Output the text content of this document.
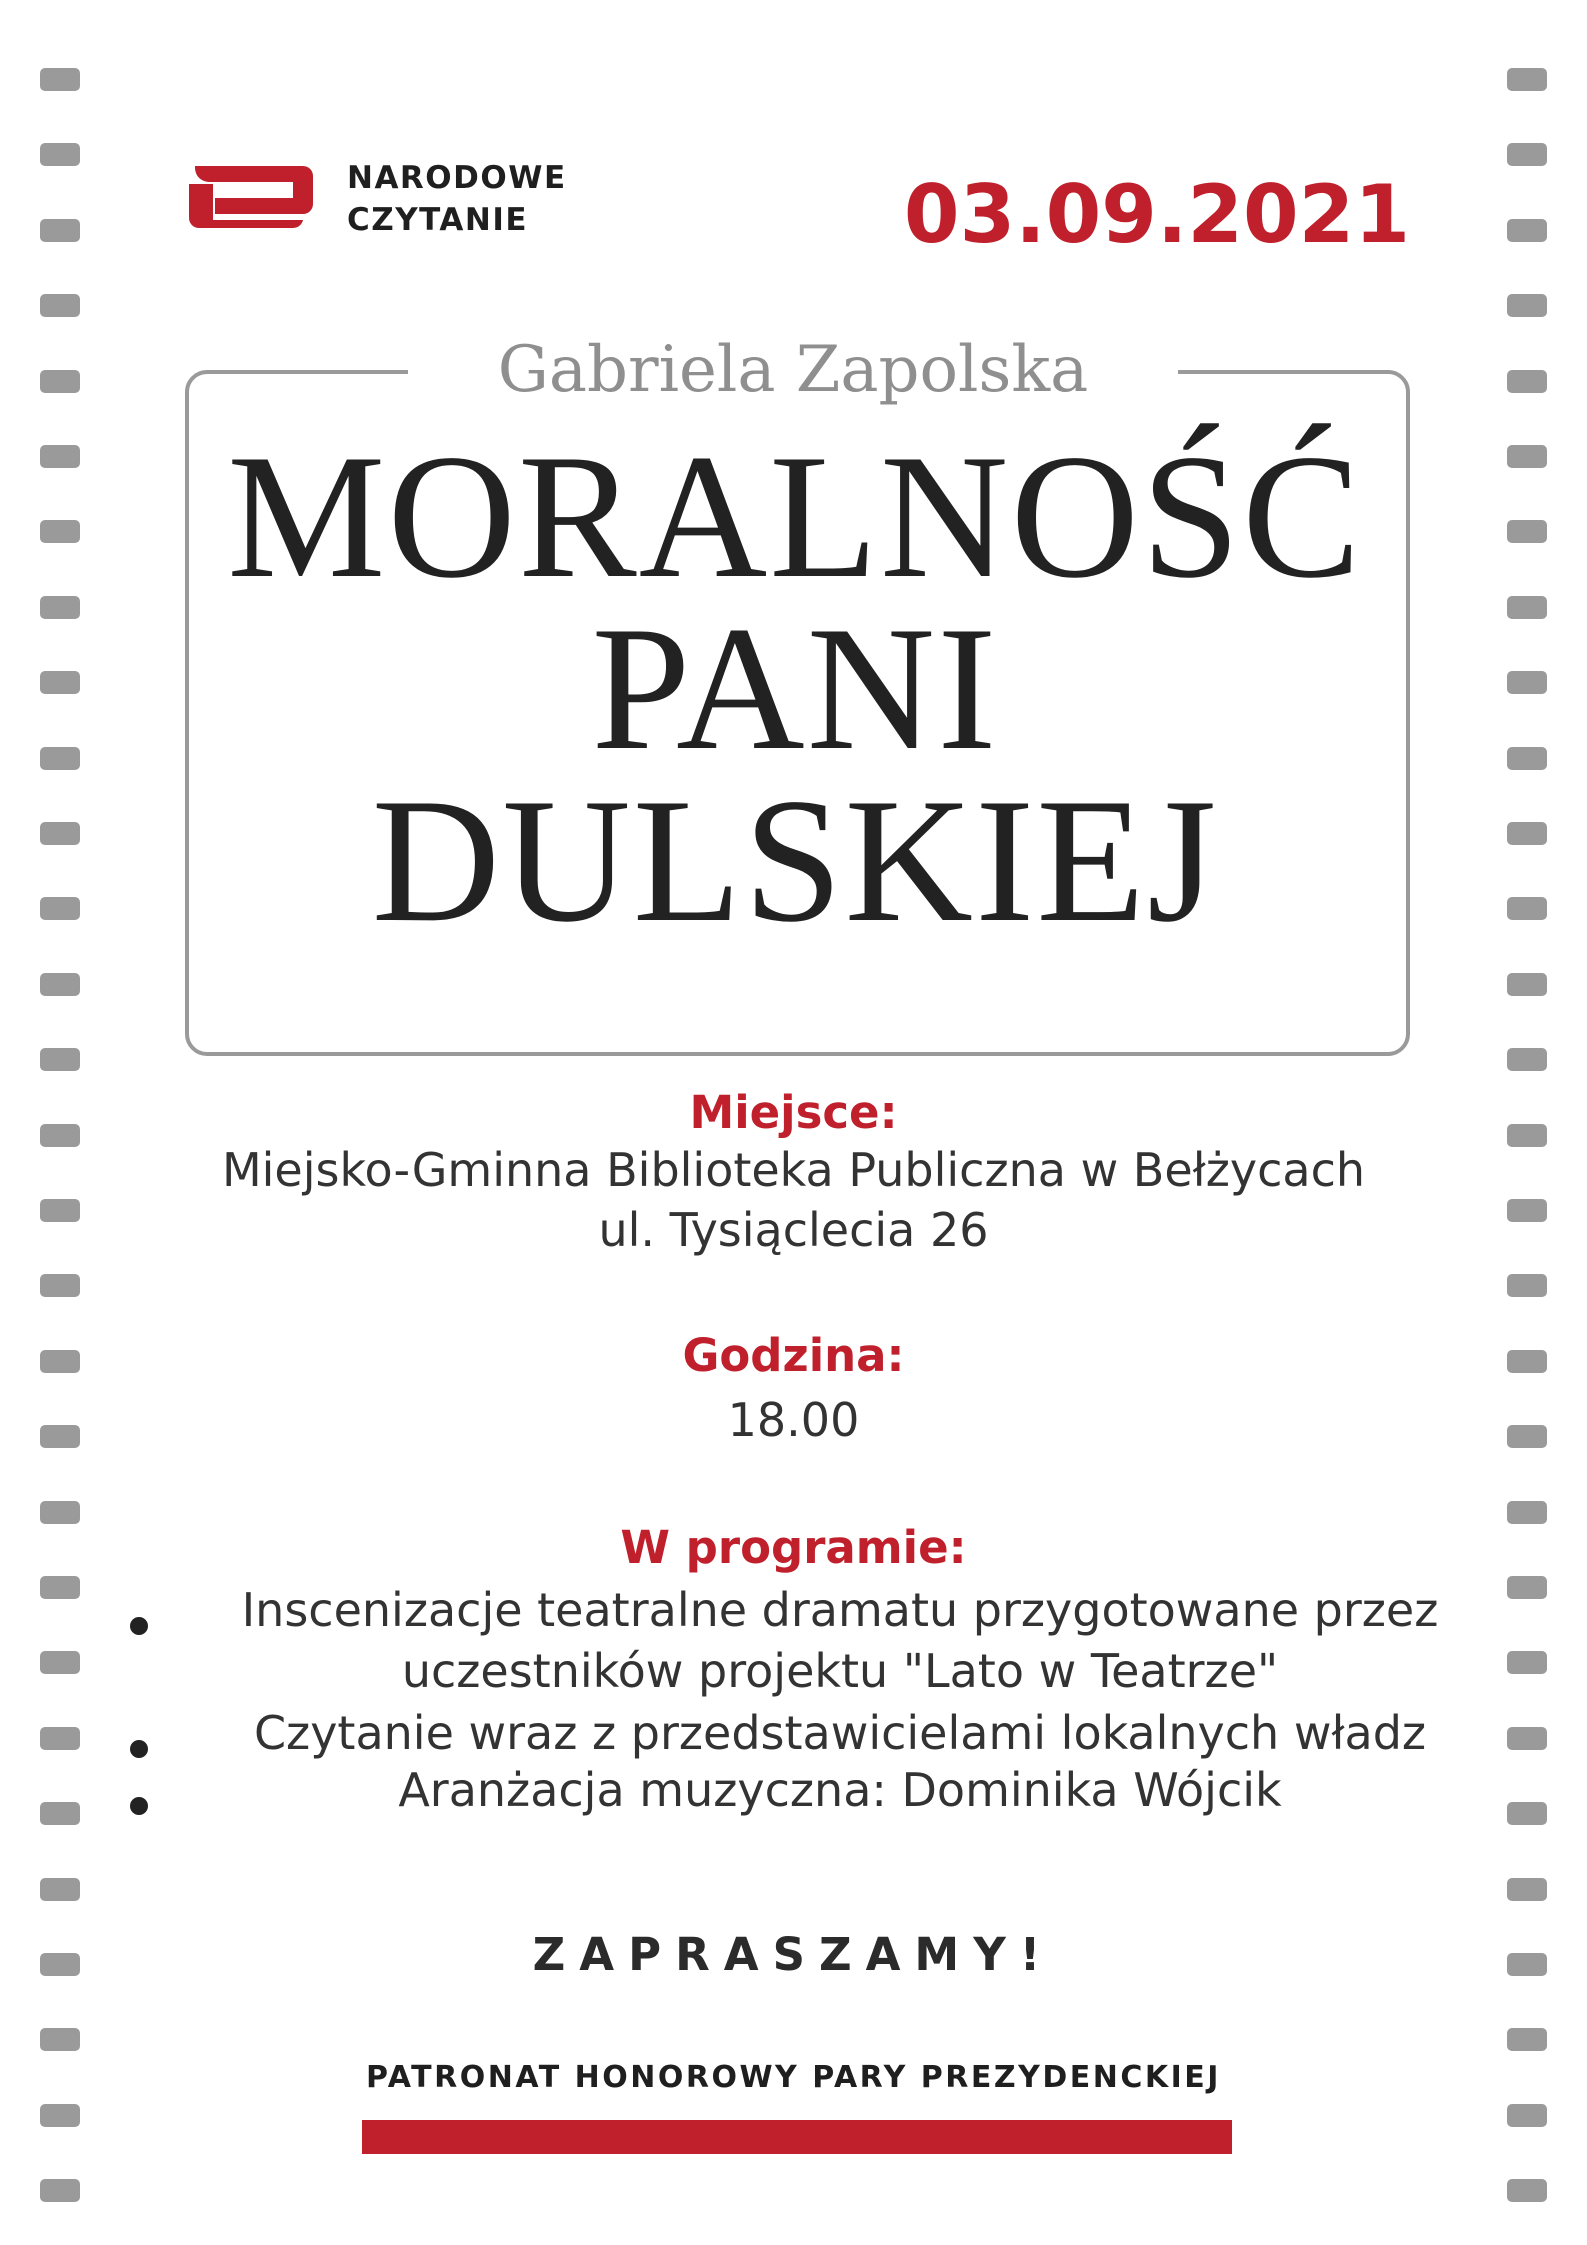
NARODOWE
CZYTANIE	03.09.2021
Gabriela Zapolska
MORALNOŚĆ
PANI
DULSKIEJ
Miejsce:
Miejsko-Gminna Biblioteka Publiczna w Bełżycach
ul. Tysiąclecia 26
Godzina:
18.00
W programie:
Inscenizacje teatralne dramatu przygotowane przez
uczestników projektu "Lato w Teatrze"
Czytanie wraz z przedstawicielami lokalnych władz
Aranżacja muzyczna: Dominika Wójcik
ZAPRASZAMY!
PATRONAT HONOROWY PARY PREZYDENCKIEJ
